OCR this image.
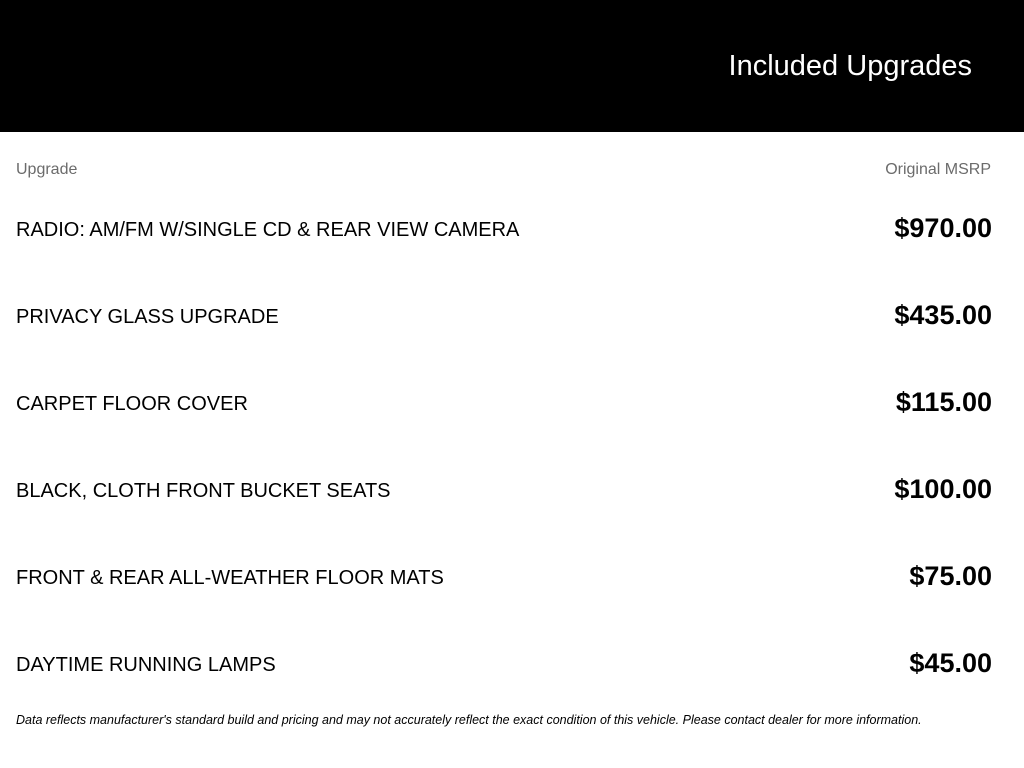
Included Upgrades
Upgrade	Original MSRP
RADIO: AM/FM W/SINGLE CD & REAR VIEW CAMERA	$970.00
PRIVACY GLASS UPGRADE	$435.00
CARPET FLOOR COVER	$115.00
BLACK, CLOTH FRONT BUCKET SEATS	$100.00
FRONT & REAR ALL-WEATHER FLOOR MATS	$75.00
DAYTIME RUNNING LAMPS	$45.00
Data reflects manufacturer's standard build and pricing and may not accurately reflect the exact condition of this vehicle. Please contact dealer for more information.
